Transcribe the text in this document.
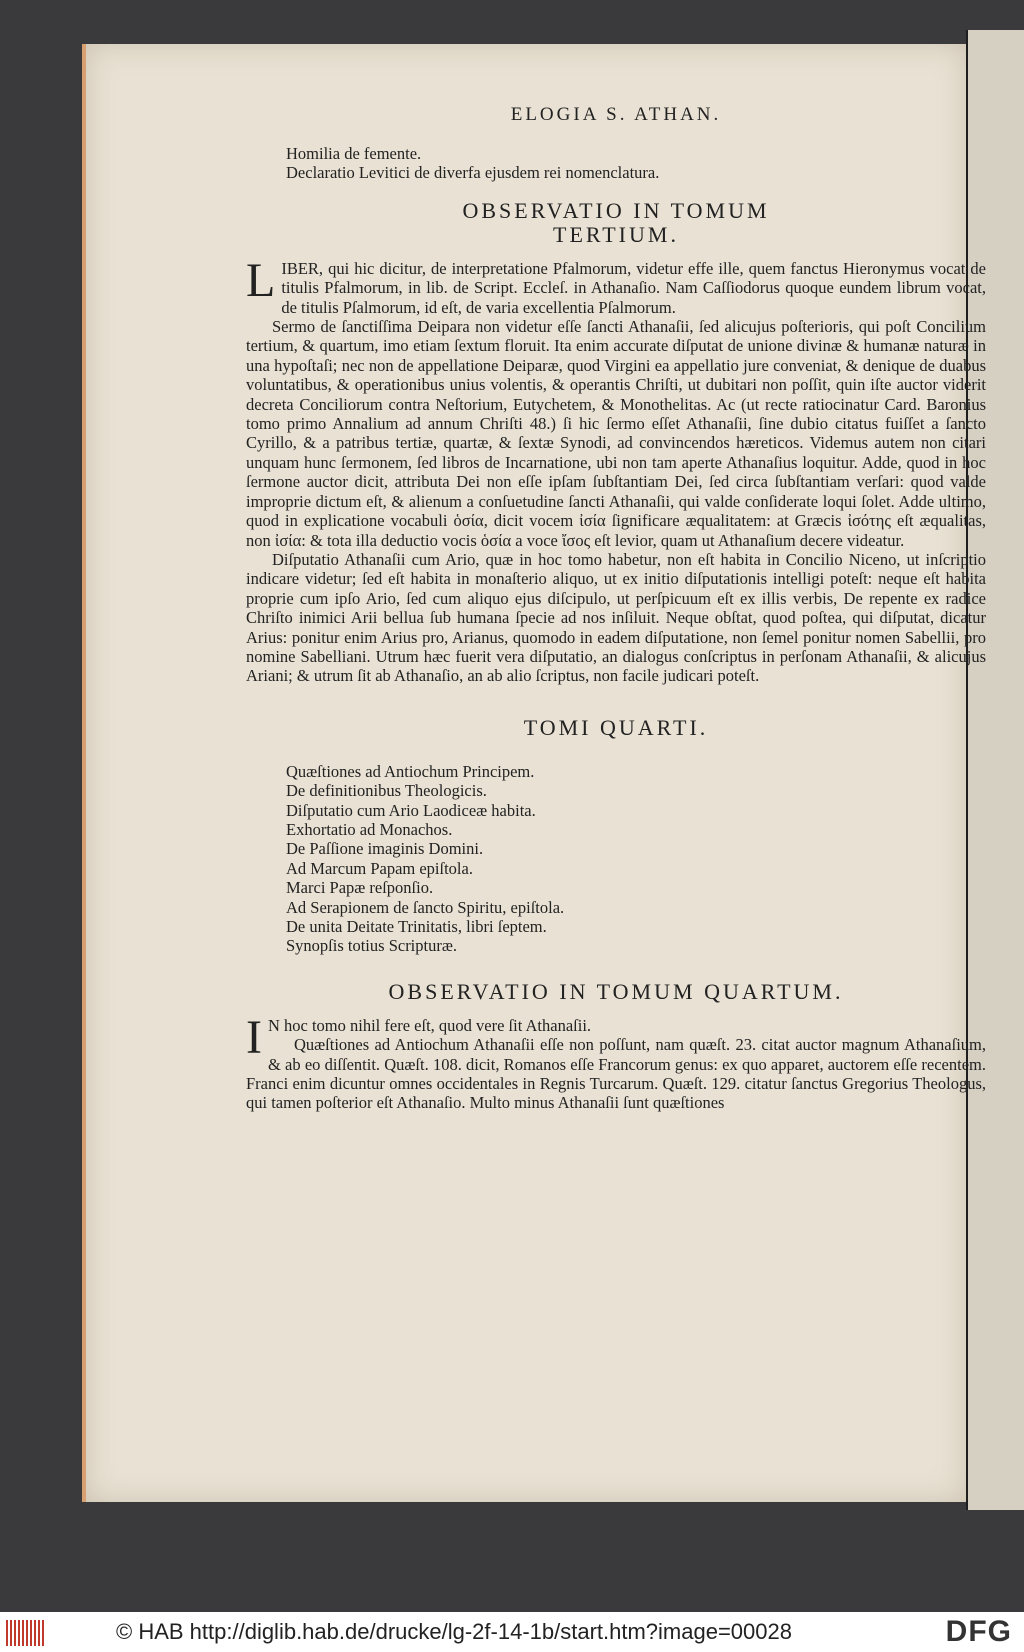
ELOGIA S. ATHAN.
Homilia de femente.
Declaratio Levitici de diverfa ejusdem rei nomenclatura.
OBSERVATIO IN TOMUM
TERTIUM.

LIBER, qui hic dicitur, de interpretatione Pfalmorum, videtur effe ille, quem fanctus Hieronymus vocat de titulis Pfalmorum, in lib. de Script. Eccleſ. in Athanaſio. Nam Caſſiodorus quoque eundem librum vocat, de titulis Pſalmorum, id eſt, de varia excellentia Pſalmorum.

Sermo de ſanctiſſima Deipara non videtur eſſe ſancti Athanaſii, ſed alicujus poſterioris, qui poſt Concilium tertium, & quartum, imo etiam ſextum floruit. Ita enim accurate diſputat de unione divinæ & humanæ naturæ in una hypoſtaſi; nec non de appellatione Deiparæ, quod Virgini ea appellatio jure conveniat, & denique de duabus voluntatibus, & operationibus unius volentis, & operantis Chriſti, ut dubitari non poſſit, quin iſte auctor viderit decreta Conciliorum contra Neſtorium, Eutychetem, & Monothelitas. Ac (ut recte ratiocinatur Card. Baronius tomo primo Annalium ad annum Chriſti 48.) ſi hic ſermo eſſet Athanaſii, ſine dubio citatus fuiſſet a ſancto Cyrillo, & a patribus tertiæ, quartæ, & ſextæ Synodi, ad convincendos hæreticos. Videmus autem non citari unquam hunc ſermonem, ſed libros de Incarnatione, ubi non tam aperte Athanaſius loquitur. Adde, quod in hoc ſermone auctor dicit, attributa Dei non eſſe ipſam ſubſtantiam Dei, ſed circa ſubſtantiam verſari: quod valde improprie dictum eſt, & alienum a conſuetudine ſancti Athanaſii, qui valde conſiderate loqui ſolet. Adde ultimo, quod in explicatione vocabuli ὁσία, dicit vocem ἰσία ſignificare æqualitatem: at Græcis ἰσότης eſt æqualitas, non ἰσία: & tota illa deductio vocis ὁσία a voce ἴσος eſt levior, quam ut Athanaſium decere videatur.

Diſputatio Athanaſii cum Ario, quæ in hoc tomo habetur, non eſt habita in Concilio Niceno, ut inſcriptio indicare videtur; ſed eſt habita in monaſterio aliquo, ut ex initio diſputationis intelligi poteſt: neque eſt habita proprie cum ipſo Ario, ſed cum aliquo ejus diſcipulo, ut perſpicuum eſt ex illis verbis, De repente ex radice Chriſto inimici Arii bellua ſub humana ſpecie ad nos inſiluit. Neque obſtat, quod poſtea, qui diſputat, dicatur Arius: ponitur enim Arius pro, Arianus, quomodo in eadem diſputatione, non ſemel ponitur nomen Sabellii, pro nomine Sabelliani. Utrum hæc fuerit vera diſputatio, an dialogus conſcriptus in perſonam Athanaſii, & alicujus Ariani; & utrum ſit ab Athanaſio, an ab alio ſcriptus, non facile judicari poteſt.

TOMI QUARTI.
Quæſtiones ad Antiochum Principem.
De definitionibus Theologicis.
Diſputatio cum Ario Laodiceæ habita.
Exhortatio ad Monachos.
De Paſſione imaginis Domini.
Ad Marcum Papam epiſtola.
Marci Papæ reſponſio.
Ad Serapionem de ſancto Spiritu, epiſtola.
De unita Deitate Trinitatis, libri ſeptem.
Synopſis totius Scripturæ.
OBSERVATIO IN TOMUM QUARTUM.

I N hoc tomo nihil fere eſt, quod vere ſit Athanaſii.

Quæſtiones ad Antiochum Athanaſii eſſe non poſſunt, nam quæſt. 23. citat auctor magnum Athanaſium, & ab eo diſſentit. Quæſt. 108. dicit, Romanos eſſe Francorum genus: ex quo apparet, auctorem eſſe recentem. Franci enim dicuntur omnes occidentales in Regnis Turcarum. Quæſt. 129. citatur ſanctus Gregorius Theologus, qui tamen poſterior eſt Athanaſio. Multo minus Athanaſii ſunt quæſtiones

© HAB http://diglib.hab.de/drucke/lg-2f-14-1b/start.htm?image=00028	DFG
